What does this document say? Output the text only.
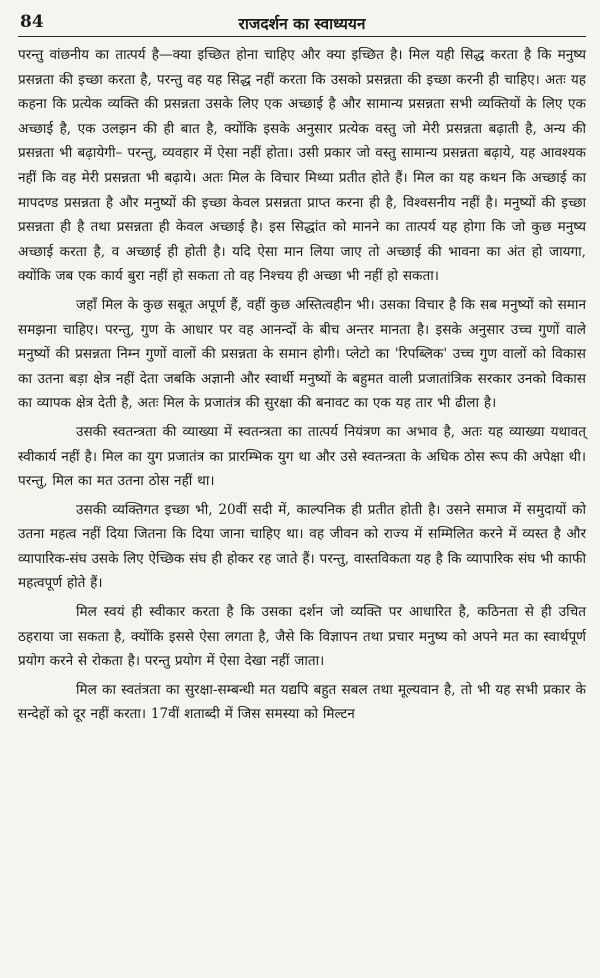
84	राजदर्शन का स्वाध्ययन

परन्तु वांछनीय का तात्पर्य है—क्या इच्छित होना चाहिए और क्या इच्छित है। मिल यही सिद्ध करता है कि मनुष्य प्रसन्नता की इच्छा करता है, परन्तु वह यह सिद्ध नहीं करता कि उसको प्रसन्नता की इच्छा करनी ही चाहिए। अतः यह कहना कि प्रत्येक व्यक्ति की प्रसन्नता उसके लिए एक अच्छाई है और सामान्य प्रसन्नता सभी व्यक्तियों के लिए एक अच्छाई है, एक उलझन की ही बात है, क्योंकि इसके अनुसार प्रत्येक वस्तु जो मेरी प्रसन्नता बढ़ाती है, अन्य की प्रसन्नता भी बढ़ायेगी– परन्तु, व्यवहार में ऐसा नहीं होता। उसी प्रकार जो वस्तु सामान्य प्रसन्नता बढ़ाये, यह आवश्यक नहीं कि वह मेरी प्रसन्नता भी बढ़ाये। अतः मिल के विचार मिथ्या प्रतीत होते हैं। मिल का यह कथन कि अच्छाई का मापदण्ड प्रसन्नता है और मनुष्यों की इच्छा केवल प्रसन्नता प्राप्त करना ही है, विश्वसनीय नहीं है। मनुष्यों की इच्छा प्रसन्नता ही है तथा प्रसन्नता ही केवल अच्छाई है। इस सिद्धांत को मानने का तात्पर्य यह होगा कि जो कुछ मनुष्य अच्छाई करता है, व अच्छाई ही होती है। यदि ऐसा मान लिया जाए तो अच्छाई की भावना का अंत हो जायगा, क्योंकि जब एक कार्य बुरा नहीं हो सकता तो वह निश्चय ही अच्छा भी नहीं हो सकता।

जहाँ मिल के कुछ सबूत अपूर्ण हैं, वहीं कुछ अस्तित्वहीन भी। उसका विचार है कि सब मनुष्यों को समान समझना चाहिए। परन्तु, गुण के आधार पर वह आनन्दों के बीच अन्तर मानता है। इसके अनुसार उच्च गुणों वाले मनुष्यों की प्रसन्नता निम्न गुणों वालों की प्रसन्नता के समान होगी। प्लेटो का 'रिपब्लिक' उच्च गुण वालों को विकास का उतना बड़ा क्षेत्र नहीं देता जबकि अज्ञानी और स्वार्थी मनुष्यों के बहुमत वाली प्रजातांत्रिक सरकार उनको विकास का व्यापक क्षेत्र देती है, अतः मिल के प्रजातंत्र की सुरक्षा की बनावट का एक यह तार भी ढीला है।

उसकी स्वतन्त्रता की व्याख्या में स्वतन्त्रता का तात्पर्य नियंत्रण का अभाव है, अतः यह व्याख्या यथावत् स्वीकार्य नहीं है। मिल का युग प्रजातंत्र का प्रारम्भिक युग था और उसे स्वतन्त्रता के अधिक ठोस रूप की अपेक्षा थी। परन्तु, मिल का मत उतना ठोस नहीं था।

उसकी व्यक्तिगत इच्छा भी, 20वीं सदी में, काल्पनिक ही प्रतीत होती है। उसने समाज में समुदायों को उतना महत्व नहीं दिया जितना कि दिया जाना चाहिए था। वह जीवन को राज्य में सम्मिलित करने में व्यस्त है और व्यापारिक-संघ उसके लिए ऐच्छिक संघ ही होकर रह जाते हैं। परन्तु, वास्तविकता यह है कि व्यापारिक संघ भी काफी महत्वपूर्ण होते हैं।

मिल स्वयं ही स्वीकार करता है कि उसका दर्शन जो व्यक्ति पर आधारित है, कठिनता से ही उचित ठहराया जा सकता है, क्योंकि इससे ऐसा लगता है, जैसे कि विज्ञापन तथा प्रचार मनुष्य को अपने मत का स्वार्थपूर्ण प्रयोग करने से रोकता है। परन्तु प्रयोग में ऐसा देखा नहीं जाता।

मिल का स्वतंत्रता का सुरक्षा-सम्बन्धी मत यद्यपि बहुत सबल तथा मूल्यवान है, तो भी यह सभी प्रकार के सन्देहों को दूर नहीं करता। 17वीं शताब्दी में जिस समस्या को मिल्टन
